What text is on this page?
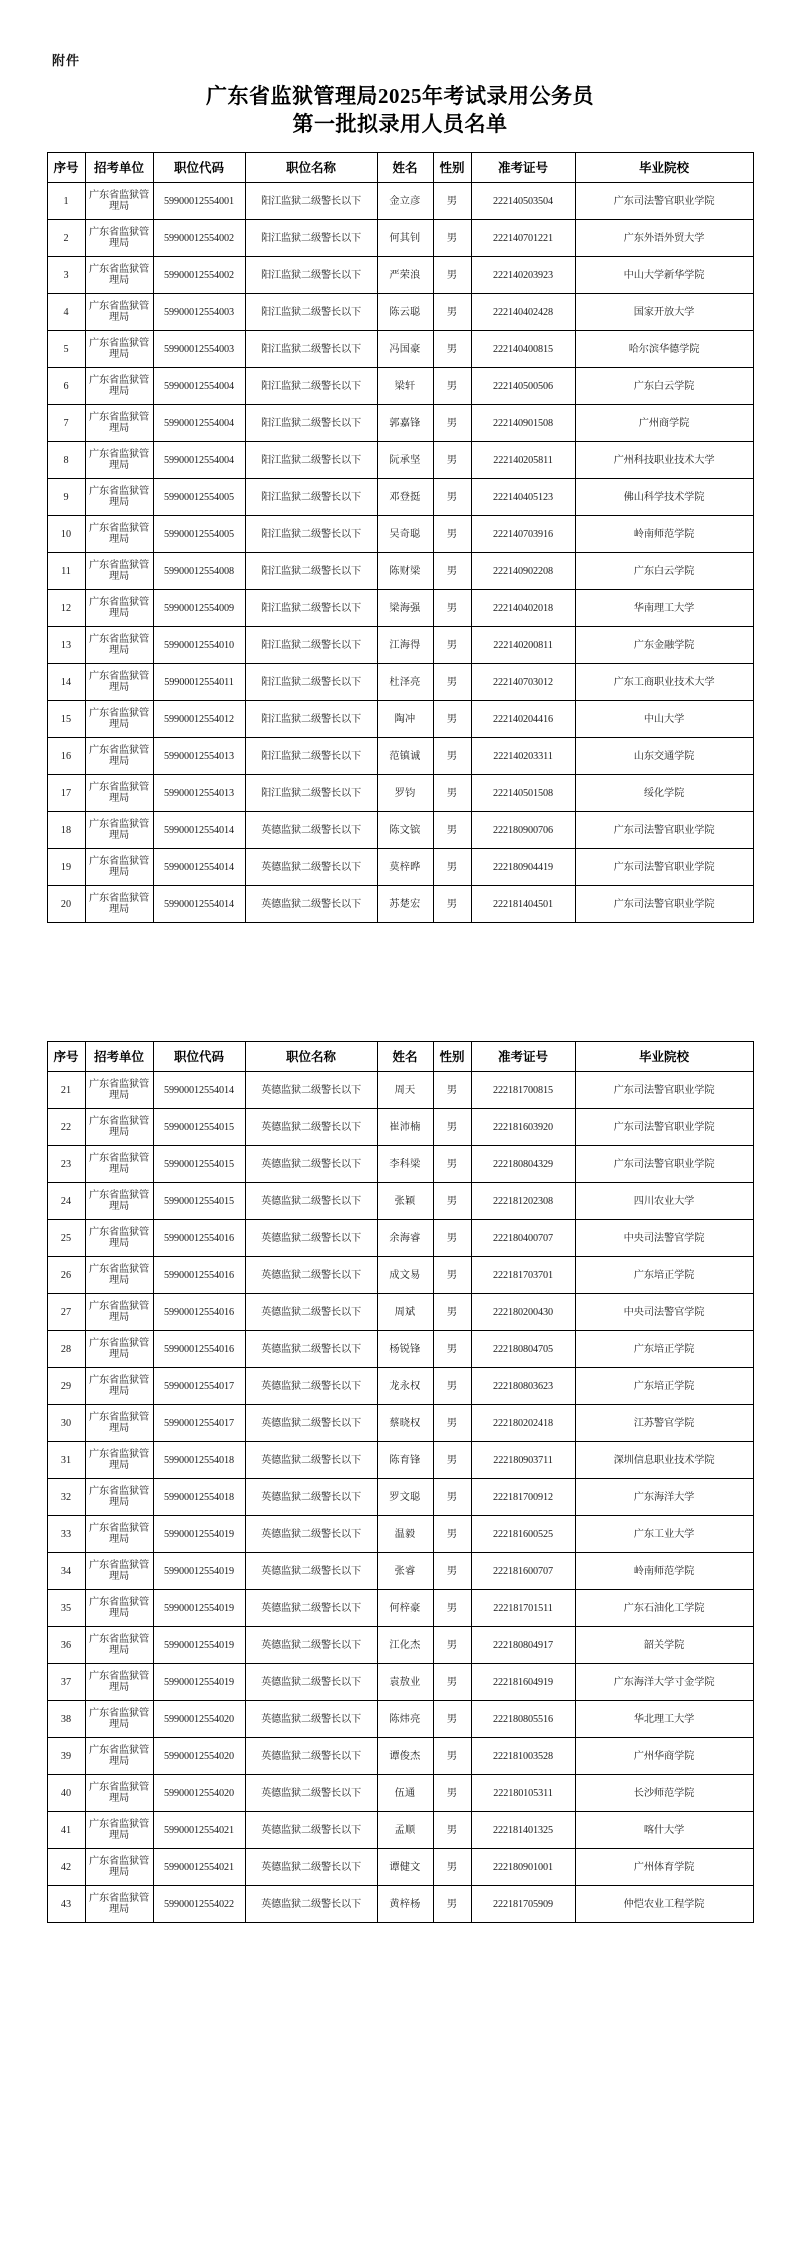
附件
广东省监狱管理局2025年考试录用公务员
第一批拟录用人员名单
序号	招考单位	职位代码	职位名称	姓名	性别	准考证号	毕业院校
1	广东省监狱管理局	59900012554001	阳江监狱二级警长以下	金立彦	男	222140503504	广东司法警官职业学院
2	广东省监狱管理局	59900012554002	阳江监狱二级警长以下	何其钊	男	222140701221	广东外语外贸大学
3	广东省监狱管理局	59900012554002	阳江监狱二级警长以下	严荣浪	男	222140203923	中山大学新华学院
4	广东省监狱管理局	59900012554003	阳江监狱二级警长以下	陈云聪	男	222140402428	国家开放大学
5	广东省监狱管理局	59900012554003	阳江监狱二级警长以下	冯国豪	男	222140400815	哈尔滨华德学院
6	广东省监狱管理局	59900012554004	阳江监狱二级警长以下	梁轩	男	222140500506	广东白云学院
7	广东省监狱管理局	59900012554004	阳江监狱二级警长以下	郭嘉锋	男	222140901508	广州商学院
8	广东省监狱管理局	59900012554004	阳江监狱二级警长以下	阮承坚	男	222140205811	广州科技职业技术大学
9	广东省监狱管理局	59900012554005	阳江监狱二级警长以下	邓登挺	男	222140405123	佛山科学技术学院
10	广东省监狱管理局	59900012554005	阳江监狱二级警长以下	吴奇聪	男	222140703916	岭南师范学院
11	广东省监狱管理局	59900012554008	阳江监狱二级警长以下	陈财梁	男	222140902208	广东白云学院
12	广东省监狱管理局	59900012554009	阳江监狱二级警长以下	梁海强	男	222140402018	华南理工大学
13	广东省监狱管理局	59900012554010	阳江监狱二级警长以下	江海得	男	222140200811	广东金融学院
14	广东省监狱管理局	59900012554011	阳江监狱二级警长以下	杜泽亮	男	222140703012	广东工商职业技术大学
15	广东省监狱管理局	59900012554012	阳江监狱二级警长以下	陶冲	男	222140204416	中山大学
16	广东省监狱管理局	59900012554013	阳江监狱二级警长以下	范镇诚	男	222140203311	山东交通学院
17	广东省监狱管理局	59900012554013	阳江监狱二级警长以下	罗钧	男	222140501508	绥化学院
18	广东省监狱管理局	59900012554014	英德监狱二级警长以下	陈文镔	男	222180900706	广东司法警官职业学院
19	广东省监狱管理局	59900012554014	英德监狱二级警长以下	莫梓晔	男	222180904419	广东司法警官职业学院
20	广东省监狱管理局	59900012554014	英德监狱二级警长以下	苏楚宏	男	222181404501	广东司法警官职业学院
序号	招考单位	职位代码	职位名称	姓名	性别	准考证号	毕业院校
21	广东省监狱管理局	59900012554014	英德监狱二级警长以下	周天	男	222181700815	广东司法警官职业学院
22	广东省监狱管理局	59900012554015	英德监狱二级警长以下	崔沛楠	男	222181603920	广东司法警官职业学院
23	广东省监狱管理局	59900012554015	英德监狱二级警长以下	李科梁	男	222180804329	广东司法警官职业学院
24	广东省监狱管理局	59900012554015	英德监狱二级警长以下	张颖	男	222181202308	四川农业大学
25	广东省监狱管理局	59900012554016	英德监狱二级警长以下	余海睿	男	222180400707	中央司法警官学院
26	广东省监狱管理局	59900012554016	英德监狱二级警长以下	成文易	男	222181703701	广东培正学院
27	广东省监狱管理局	59900012554016	英德监狱二级警长以下	周斌	男	222180200430	中央司法警官学院
28	广东省监狱管理局	59900012554016	英德监狱二级警长以下	杨锐锋	男	222180804705	广东培正学院
29	广东省监狱管理局	59900012554017	英德监狱二级警长以下	龙永权	男	222180803623	广东培正学院
30	广东省监狱管理局	59900012554017	英德监狱二级警长以下	蔡晓权	男	222180202418	江苏警官学院
31	广东省监狱管理局	59900012554018	英德监狱二级警长以下	陈育锋	男	222180903711	深圳信息职业技术学院
32	广东省监狱管理局	59900012554018	英德监狱二级警长以下	罗文聪	男	222181700912	广东海洋大学
33	广东省监狱管理局	59900012554019	英德监狱二级警长以下	温毅	男	222181600525	广东工业大学
34	广东省监狱管理局	59900012554019	英德监狱二级警长以下	张睿	男	222181600707	岭南师范学院
35	广东省监狱管理局	59900012554019	英德监狱二级警长以下	何梓豪	男	222181701511	广东石油化工学院
36	广东省监狱管理局	59900012554019	英德监狱二级警长以下	江化杰	男	222180804917	韶关学院
37	广东省监狱管理局	59900012554019	英德监狱二级警长以下	袁敖业	男	222181604919	广东海洋大学寸金学院
38	广东省监狱管理局	59900012554020	英德监狱二级警长以下	陈炜亮	男	222180805516	华北理工大学
39	广东省监狱管理局	59900012554020	英德监狱二级警长以下	谭俊杰	男	222181003528	广州华商学院
40	广东省监狱管理局	59900012554020	英德监狱二级警长以下	伍通	男	222180105311	长沙师范学院
41	广东省监狱管理局	59900012554021	英德监狱二级警长以下	孟顺	男	222181401325	喀什大学
42	广东省监狱管理局	59900012554021	英德监狱二级警长以下	谭健文	男	222180901001	广州体育学院
43	广东省监狱管理局	59900012554022	英德监狱二级警长以下	黄梓杨	男	222181705909	仲恺农业工程学院
